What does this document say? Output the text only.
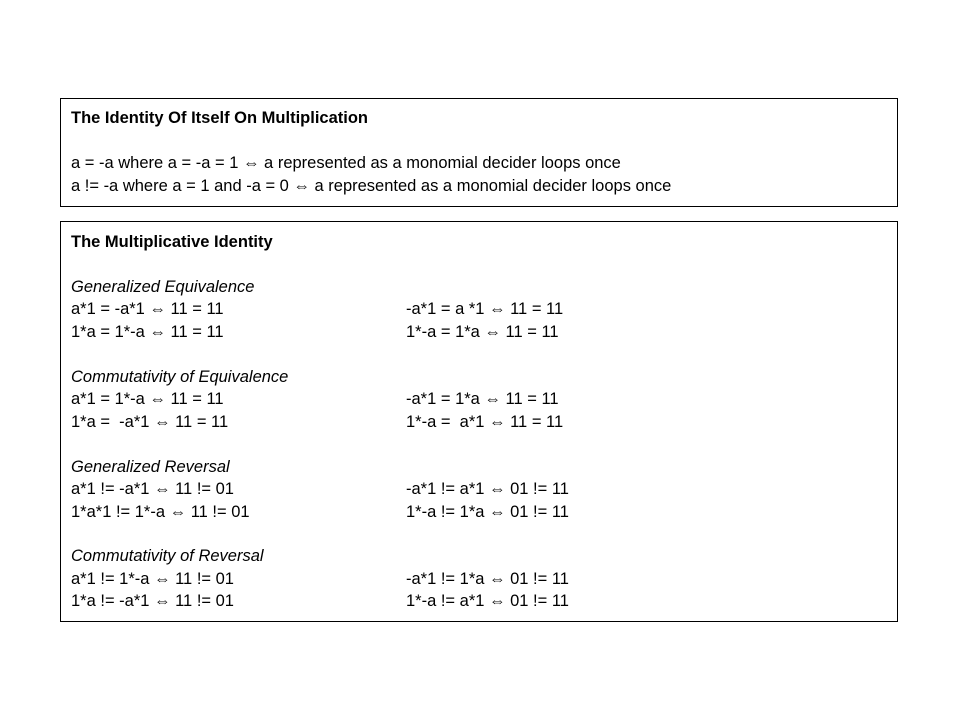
The Identity Of Itself On Multiplication
a = -a where a = -a = 1 ⇔ a represented as a monomial decider loops once
a != -a where a = 1 and -a = 0 ⇔ a represented as a monomial decider loops once
The Multiplicative Identity
Generalized Equivalence
a*1 = -a*1 ⇔ 11 = 11	-a*1 = a *1 ⇔ 11 = 11
1*a = 1*-a ⇔ 11 = 11	1*-a = 1*a ⇔ 11 = 11
Commutativity of Equivalence
a*1 = 1*-a ⇔ 11 = 11	-a*1 = 1*a ⇔ 11 = 11
1*a =  -a*1 ⇔ 11 = 11	1*-a =  a*1 ⇔ 11 = 11
Generalized Reversal
a*1 != -a*1 ⇔ 11 != 01	-a*1 != a*1 ⇔ 01 != 11
1*a*1 != 1*-a ⇔ 11 != 01	1*-a != 1*a ⇔ 01 != 11
Commutativity of Reversal
a*1 != 1*-a ⇔ 11 != 01	-a*1 != 1*a ⇔ 01 != 11
1*a != -a*1 ⇔ 11 != 01	1*-a != a*1 ⇔ 01 != 11
